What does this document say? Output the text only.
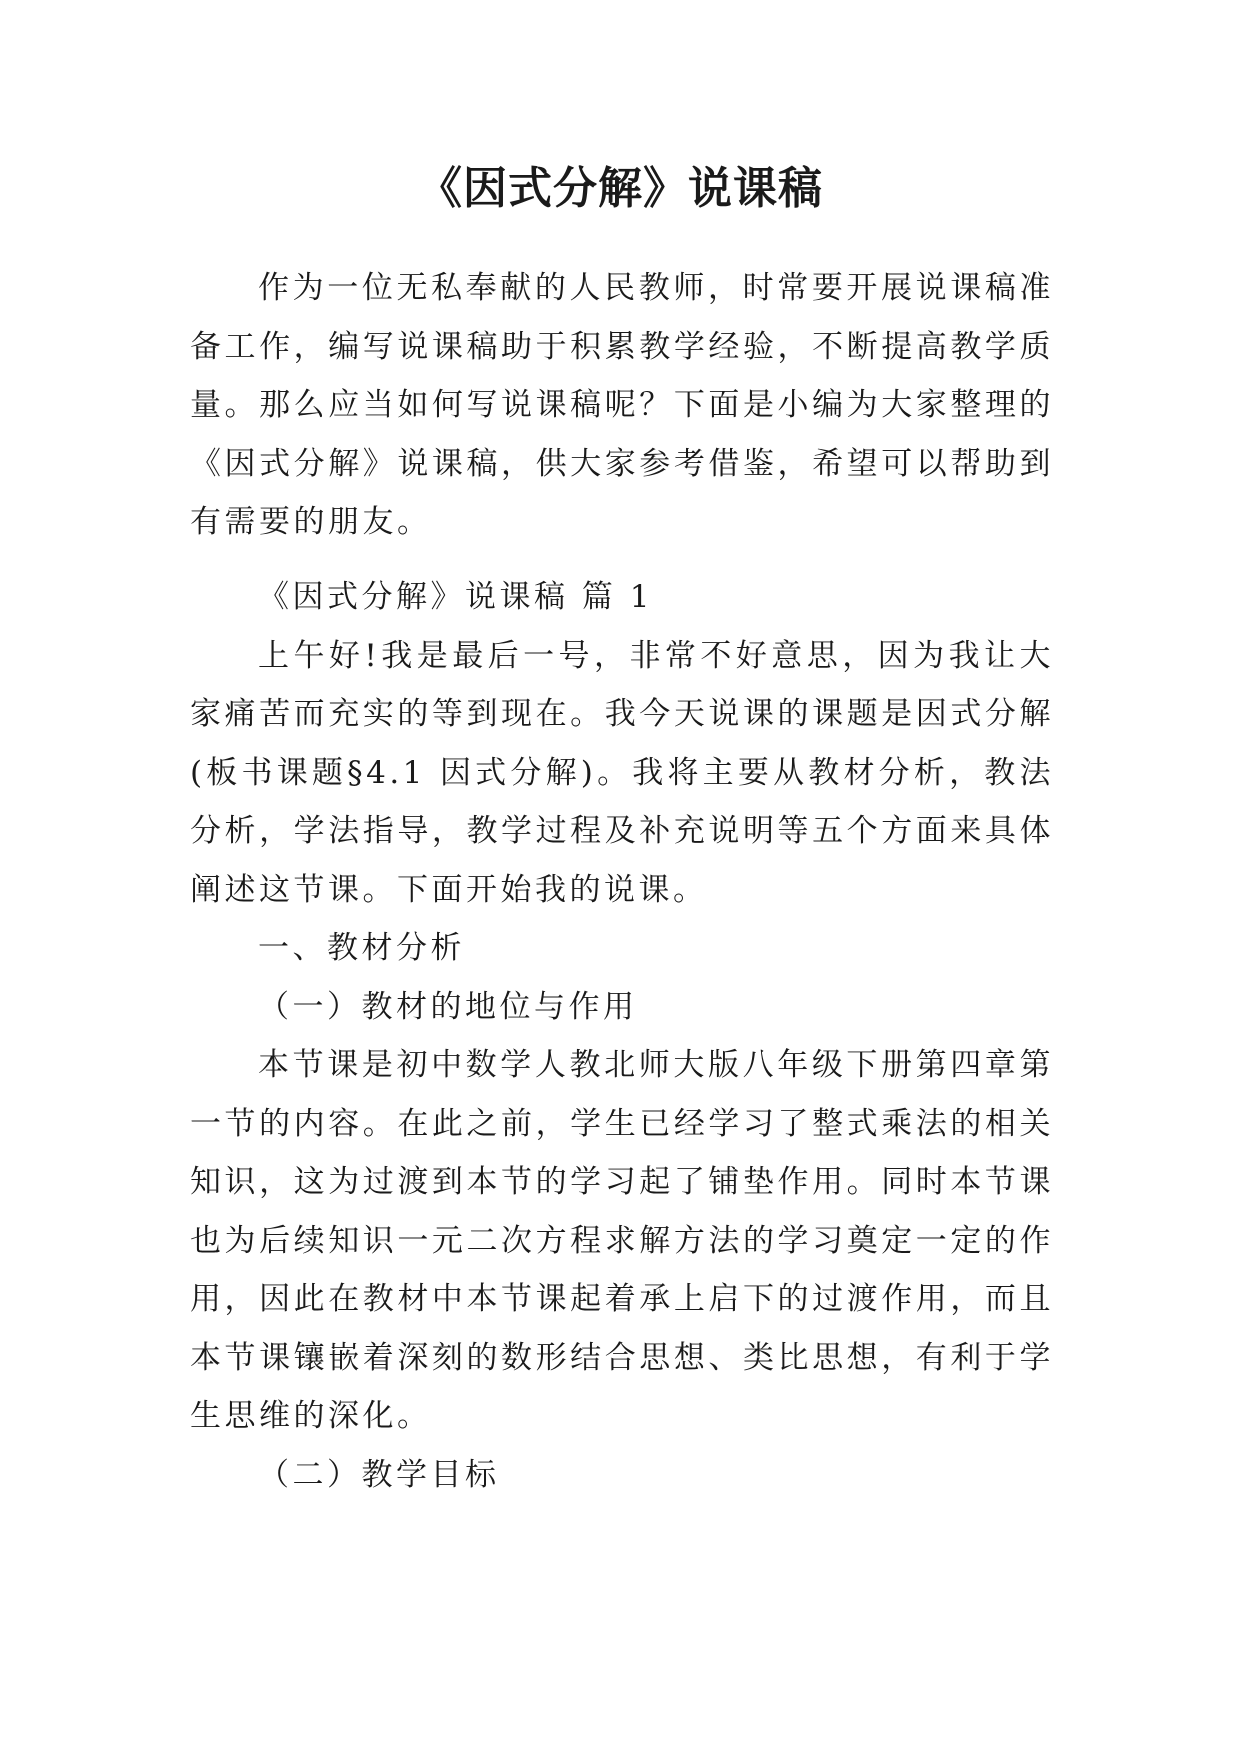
《因式分解》说课稿

作为一位无私奉献的人民教师，时常要开展说课稿准备工作，编写说课稿助于积累教学经验，不断提高教学质量。那么应当如何写说课稿呢？下面是小编为大家整理的《因式分解》说课稿，供大家参考借鉴，希望可以帮助到有需要的朋友。

《因式分解》说课稿 篇 1

上午好!我是最后一号，非常不好意思，因为我让大家痛苦而充实的等到现在。我今天说课的课题是因式分解(板书课题§4.1 因式分解)。我将主要从教材分析，教法分析，学法指导，教学过程及补充说明等五个方面来具体阐述这节课。下面开始我的说课。

一、教材分析

（一）教材的地位与作用

本节课是初中数学人教北师大版八年级下册第四章第一节的内容。在此之前，学生已经学习了整式乘法的相关知识，这为过渡到本节的学习起了铺垫作用。同时本节课也为后续知识一元二次方程求解方法的学习奠定一定的作用，因此在教材中本节课起着承上启下的过渡作用，而且本节课镶嵌着深刻的数形结合思想、类比思想，有利于学生思维的深化。

（二）教学目标
